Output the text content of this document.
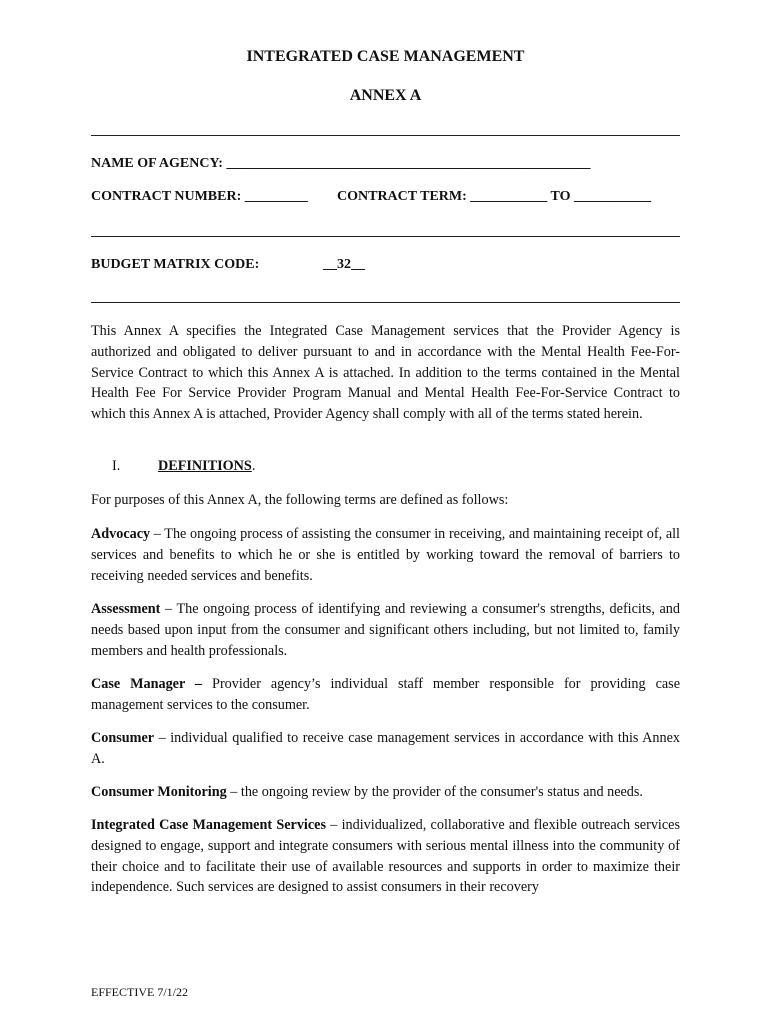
INTEGRATED CASE MANAGEMENT
ANNEX A
NAME OF AGENCY: ____________________________________________________
CONTRACT NUMBER: _________ CONTRACT TERM: ___________ TO ___________
BUDGET MATRIX CODE:	__32__
This Annex A specifies the Integrated Case Management services that the Provider Agency is authorized and obligated to deliver pursuant to and in accordance with the Mental Health Fee-For-Service Contract to which this Annex A is attached. In addition to the terms contained in the Mental Health Fee For Service Provider Program Manual and Mental Health Fee-For-Service Contract to which this Annex A is attached, Provider Agency shall comply with all of the terms stated herein.
I.	DEFINITIONS.
For purposes of this Annex A, the following terms are defined as follows:
Advocacy – The ongoing process of assisting the consumer in receiving, and maintaining receipt of, all services and benefits to which he or she is entitled by working toward the removal of barriers to receiving needed services and benefits.
Assessment – The ongoing process of identifying and reviewing a consumer's strengths, deficits, and needs based upon input from the consumer and significant others including, but not limited to, family members and health professionals.
Case Manager – Provider agency’s individual staff member responsible for providing case management services to the consumer.
Consumer – individual qualified to receive case management services in accordance with this Annex A.
Consumer Monitoring – the ongoing review by the provider of the consumer's status and needs.
Integrated Case Management Services – individualized, collaborative and flexible outreach services designed to engage, support and integrate consumers with serious mental illness into the community of their choice and to facilitate their use of available resources and supports in order to maximize their independence. Such services are designed to assist consumers in their recovery
EFFECTIVE 7/1/22
